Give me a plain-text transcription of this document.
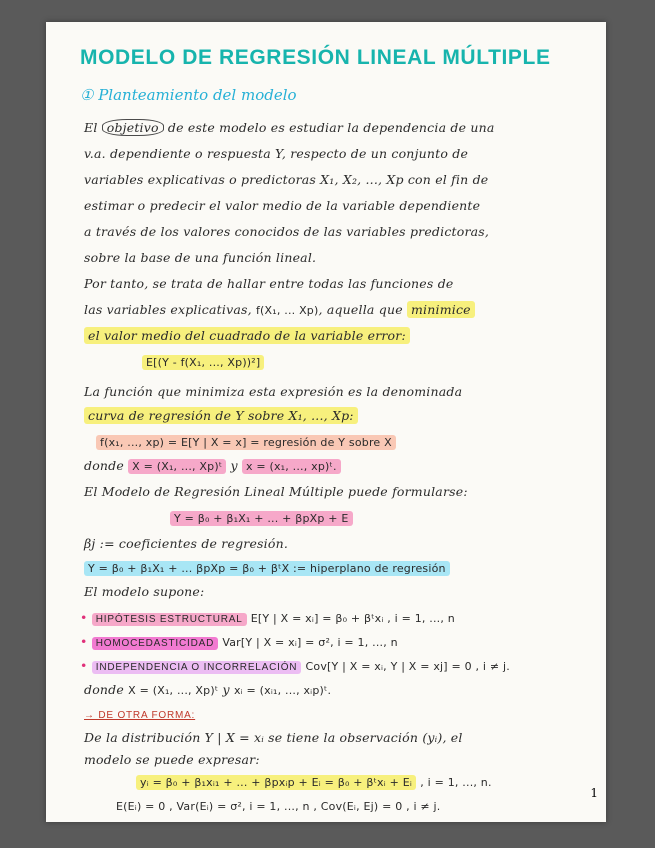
MODELO DE REGRESIÓN LINEAL MÚLTIPLE
① Planteamiento del modelo
El objetivo de este modelo es estudiar la dependencia de una
v.a. dependiente o respuesta Y, respecto de un conjunto de
variables explicativas o predictoras X₁, X₂, ..., Xp con el fin de
estimar o predecir el valor medio de la variable dependiente
a través de los valores conocidos de las variables predictoras,
sobre la base de una función lineal.
Por tanto, se trata de hallar entre todas las funciones de
las variables explicativas, f(X₁, ... Xp), aquella que minimice
el valor medio del cuadrado de la variable error:
E[(Y - f(X₁, ..., Xp))²]
La función que minimiza esta expresión es la denominada
curva de regresión de Y sobre X₁, ..., Xp:
f(x₁, ..., xp) = E[Y | X = x] = regresión de Y sobre X
donde X = (X₁, ..., Xp)ᵗ y x = (x₁, ..., xp)ᵗ.
El Modelo de Regresión Lineal Múltiple puede formularse:
Y = β₀ + β₁X₁ + ... + βpXp + E
βj := coeficientes de regresión.
Y = β₀ + β₁X₁ + ... βpXp = β₀ + βᵗX := hiperplano de regresión
El modelo supone:
• HIPÓTESIS ESTRUCTURAL E[Y | X = xᵢ] = β₀ + βᵗxᵢ , i = 1, ..., n
• HOMOCEDASTICIDAD Var[Y | X = xᵢ] = σ², i = 1, ..., n
• INDEPENDENCIA O INCORRELACIÓN Cov[Y | X = xᵢ, Y | X = xj] = 0 , i ≠ j.
donde X = (X₁, ..., Xp)ᵗ y xᵢ = (xᵢ₁, ..., xᵢp)ᵗ.
→ DE OTRA FORMA:
De la distribución Y | X = xᵢ se tiene la observación (yᵢ), el
modelo se puede expresar:
yᵢ = β₀ + β₁xᵢ₁ + ... + βpxᵢp + Eᵢ = β₀ + βᵗxᵢ + Eᵢ , i = 1, ..., n.
E(Eᵢ) = 0 , Var(Eᵢ) = σ², i = 1, ..., n , Cov(Eᵢ, Ej) = 0 , i ≠ j.
1
